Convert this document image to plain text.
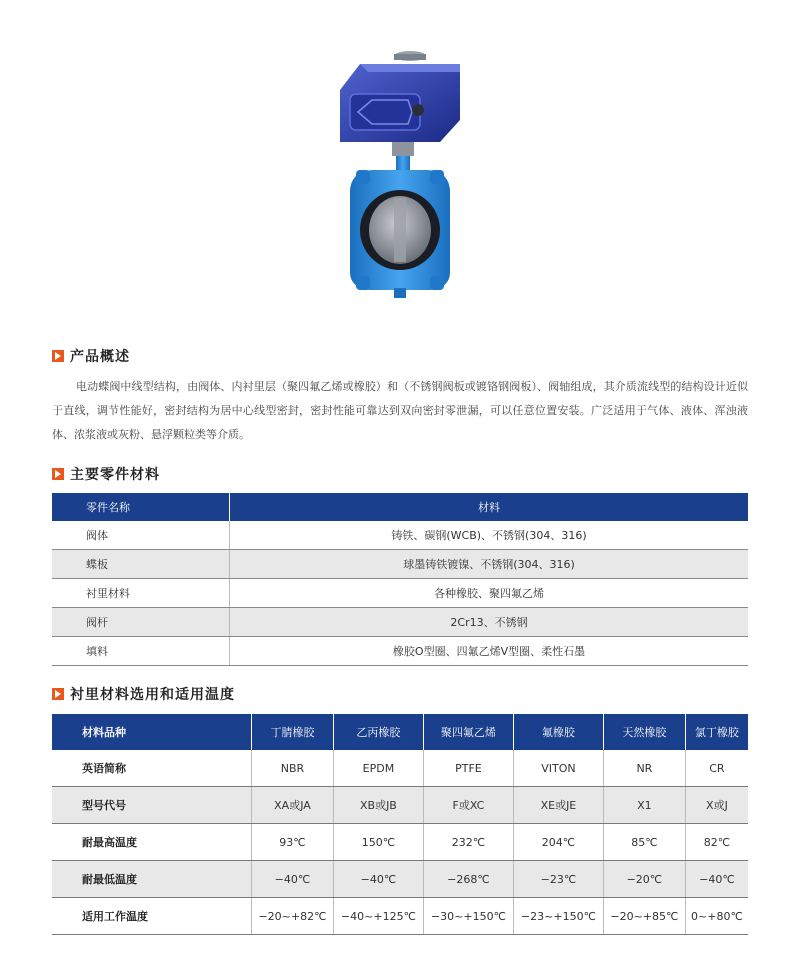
产品概述

电动蝶阀中线型结构，由阀体、内衬里层（聚四氟乙烯或橡胶）和（不锈钢阀板或镀铬钢阀板）、阀轴组成，其介质流线型的结构设计近似于直线，调节性能好，密封结构为居中心线型密封，密封性能可靠达到双向密封零泄漏，可以任意位置安装。广泛适用于气体、液体、浑浊液体、浓浆液或灰粉、悬浮颗粒类等介质。

主要零件材料
零件名称	材料
阀体	铸铁、碳钢(WCB)、不锈钢(304、316)
蝶板	球墨铸铁镀镍、不锈钢(304、316)
衬里材料	各种橡胶、聚四氟乙烯
阀杆	2Cr13、不锈钢
填料	橡胶O型圈、四氟乙烯V型圈、柔性石墨
衬里材料选用和适用温度
材料品种	丁腈橡胶	乙丙橡胶	聚四氟乙烯	氟橡胶	天然橡胶	氯丁橡胶
英语简称	NBR	EPDM	PTFE	VITON	NR	CR
型号代号	XA或JA	XB或JB	F或XC	XE或JE	X1	X或J
耐最高温度	93℃	150℃	232℃	204℃	85℃	82℃
耐最低温度	−40℃	−40℃	−268℃	−23℃	−20℃	−40℃
适用工作温度	−20~+82℃	−40~+125℃	−30~+150℃	−23~+150℃	−20~+85℃	0~+80℃
